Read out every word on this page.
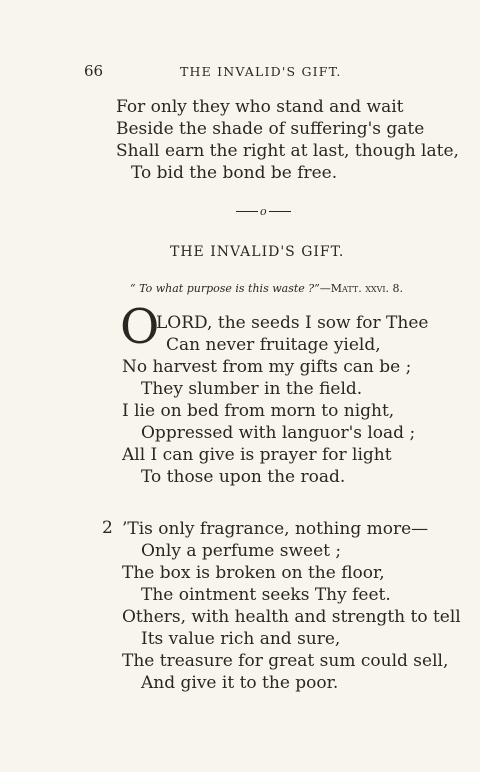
66	THE INVALID'S GIFT.
For only they who stand and wait
Beside the shade of suffering's gate
Shall earn the right at last, though late,
To bid the bond be free.
o
THE INVALID'S GIFT.
“ To what purpose is this waste ?”—Matt. xxvi. 8.
O
LORD, the seeds I sow for Thee
Can never fruitage yield,
No harvest from my gifts can be ;
They slumber in the field.
I lie on bed from morn to night,
Oppressed with languor's load ;
All I can give is prayer for light
To those upon the road.
2 ’Tis only fragrance, nothing more—
Only a perfume sweet ;
The box is broken on the floor,
The ointment seeks Thy feet.
Others, with health and strength to tell
Its value rich and sure,
The treasure for great sum could sell,
And give it to the poor.
